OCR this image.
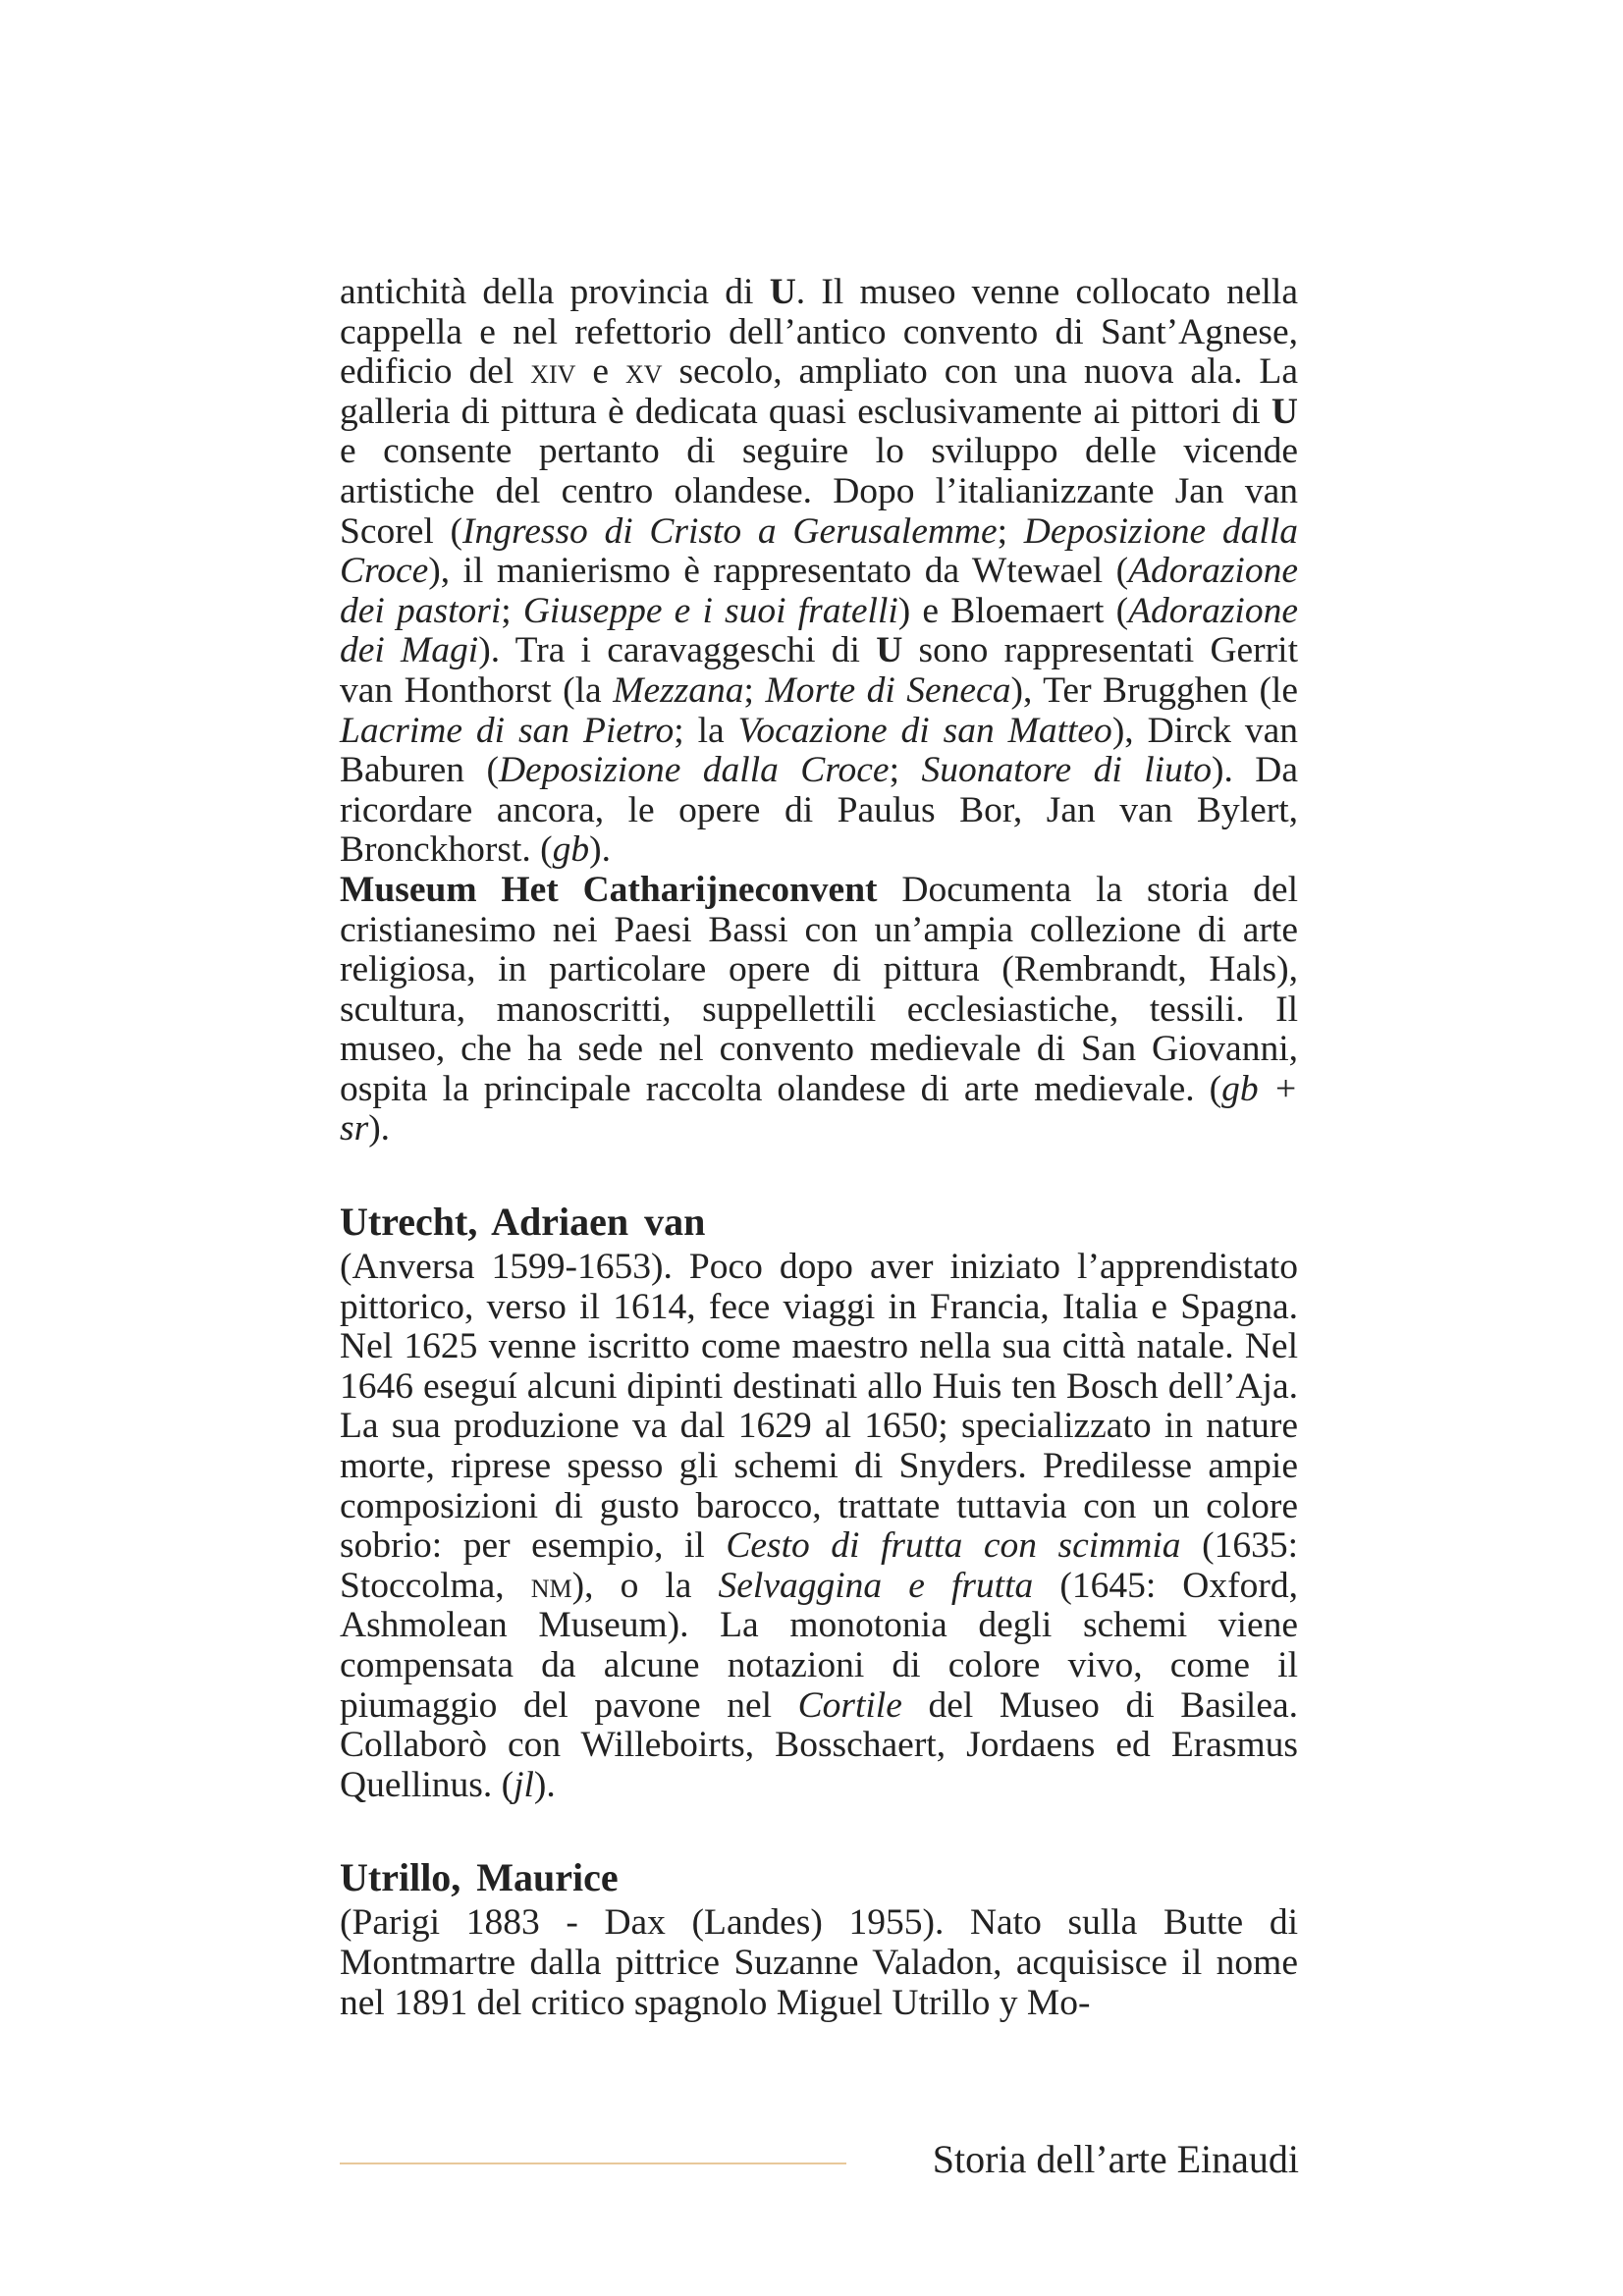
antichità della provincia di U. Il museo venne collocato nella cappella e nel refettorio dell’antico convento di Sant’Agnese, edificio del xiv e xv secolo, ampliato con una nuova ala. La galleria di pittura è dedicata quasi esclusivamente ai pittori di U e consente pertanto di seguire lo sviluppo delle vicende artistiche del centro olandese. Dopo l’italianizzante Jan van Scorel (Ingresso di Cristo a Gerusalemme; Deposizione dalla Croce), il manierismo è rappresentato da Wtewael (Adorazione dei pastori; Giuseppe e i suoi fratelli) e Bloemaert (Adorazione dei Magi). Tra i caravaggeschi di U sono rappresentati Gerrit van Honthorst (la Mezzana; Morte di Seneca), Ter Brugghen (le Lacrime di san Pietro; la Vocazione di san Matteo), Dirck van Baburen (Deposizione dalla Croce; Suonatore di liuto). Da ricordare ancora, le opere di Paulus Bor, Jan van Bylert, Bronckhorst. (gb).

Museum Het Catharijneconvent Documenta la storia del cristianesimo nei Paesi Bassi con un’ampia collezione di arte religiosa, in particolare opere di pittura (Rembrandt, Hals), scultura, manoscritti, suppellettili ecclesiastiche, tessili. Il museo, che ha sede nel convento medievale di San Giovanni, ospita la principale raccolta olandese di arte medievale. (gb + sr).

Utrecht, Adriaen van

(Anversa 1599-1653). Poco dopo aver iniziato l’apprendistato pittorico, verso il 1614, fece viaggi in Francia, Italia e Spagna. Nel 1625 venne iscritto come maestro nella sua città natale. Nel 1646 eseguí alcuni dipinti destinati allo Huis ten Bosch dell’Aja. La sua produzione va dal 1629 al 1650; specializzato in nature morte, riprese spesso gli schemi di Snyders. Predilesse ampie composizioni di gusto barocco, trattate tuttavia con un colore sobrio: per esempio, il Cesto di frutta con scimmia (1635: Stoccolma, nm), o la Selvaggina e frutta (1645: Oxford, Ashmolean Museum). La monotonia degli schemi viene compensata da alcune notazioni di colore vivo, come il piumaggio del pavone nel Cortile del Museo di Basilea. Collaborò con Willeboirts, Bosschaert, Jordaens ed Erasmus Quellinus. (jl).

Utrillo, Maurice

(Parigi 1883 - Dax (Landes) 1955). Nato sulla Butte di Montmartre dalla pittrice Suzanne Valadon, acquisisce il nome nel 1891 del critico spagnolo Miguel Utrillo y Mo-

Storia dell’arte Einaudi
